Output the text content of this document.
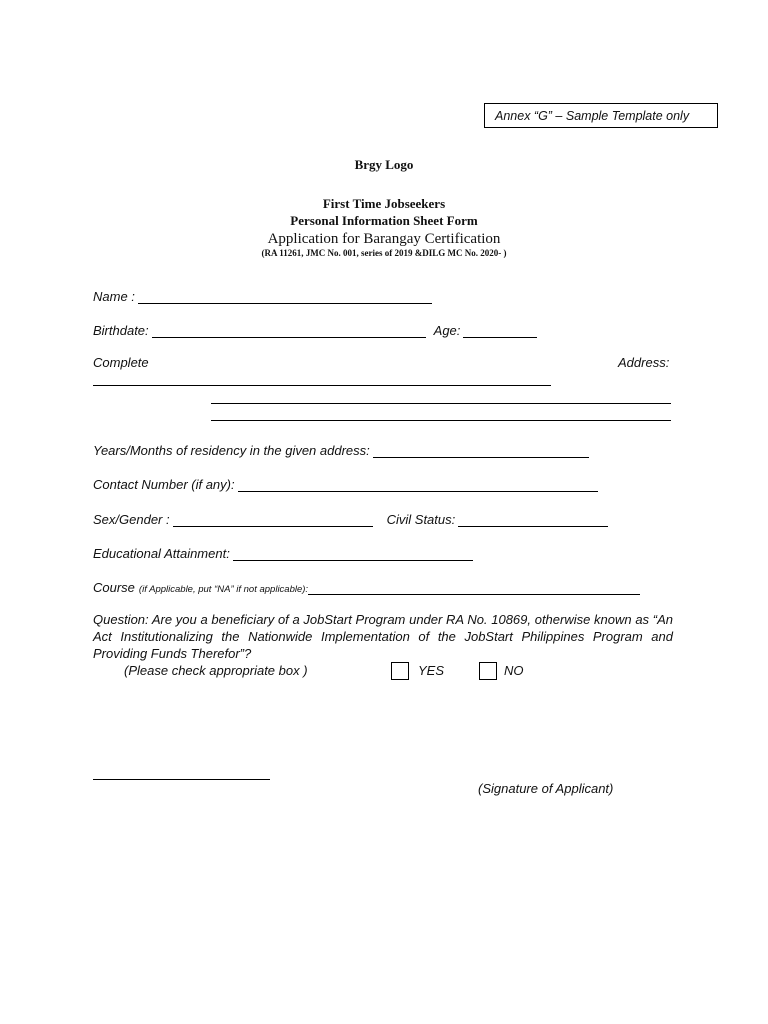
Annex “G” – Sample Template only
Brgy Logo
First Time Jobseekers
Personal Information Sheet Form
Application for Barangay Certification
(RA 11261, JMC No. 001, series of 2019 &DILG MC No. 2020- )
Name :
Birthdate:	Age:
Complete	Address:
Years/Months of residency in the given address:
Contact Number (if any):
Sex/Gender :	Civil Status:
Educational Attainment:
Course (if Applicable, put “NA” if not applicable):
Question: Are you a beneficiary of a JobStart Program under RA No. 10869, otherwise known as “An Act Institutionalizing the Nationwide Implementation of the JobStart Philippines Program and Providing Funds Therefor”?
(Please check appropriate box )	YES	NO
(Signature of Applicant)
